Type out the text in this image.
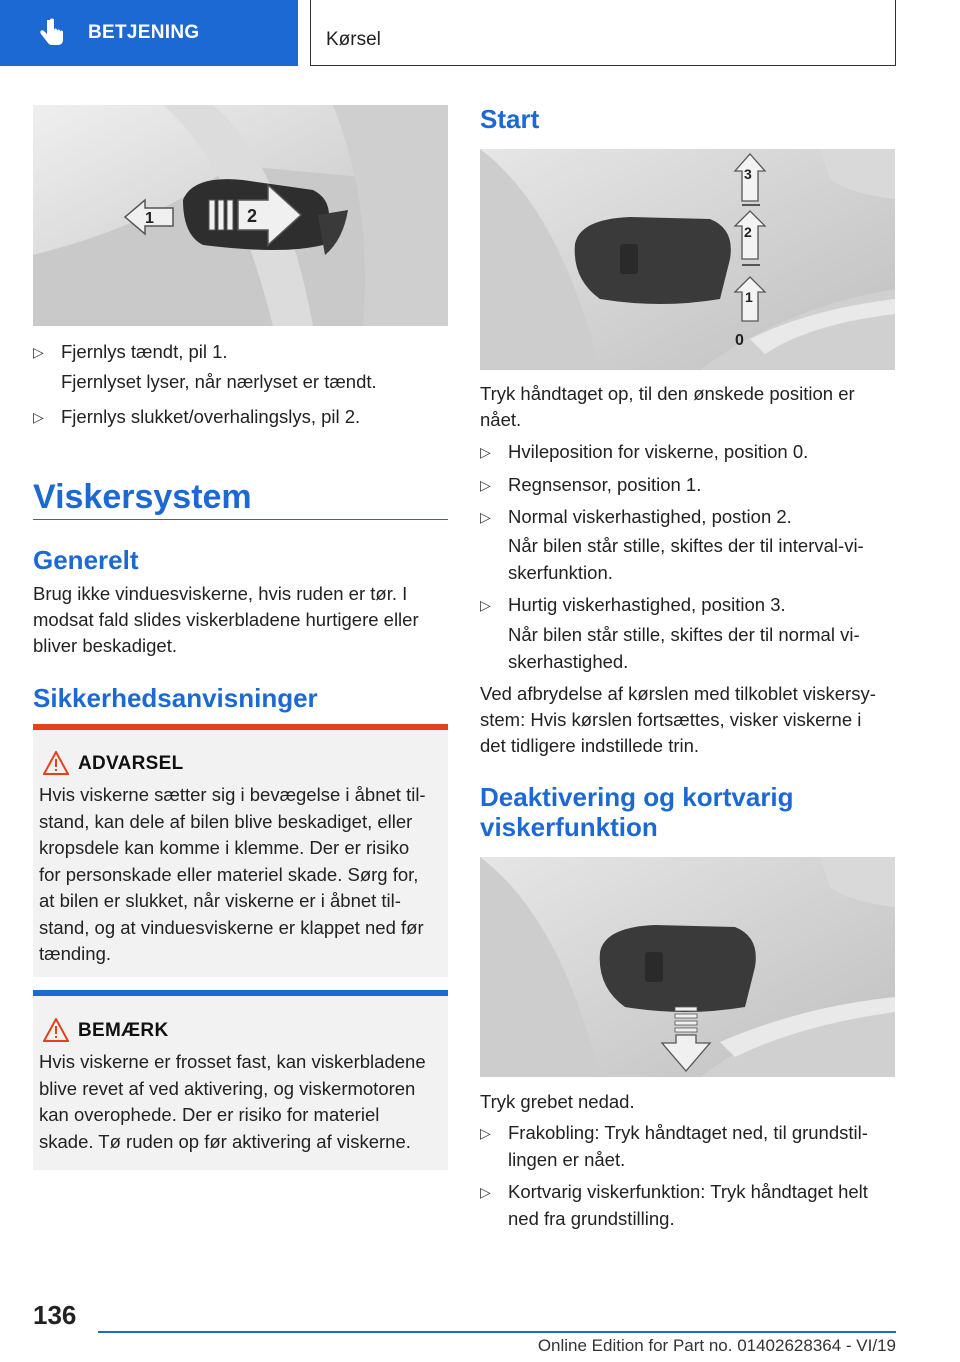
BETJENING	Kørsel
1	2
▷ Fjernlys tændt, pil 1.
Fjernlyset lyser, når nærlyset er tændt.
▷ Fjernlys slukket/overhalingslys, pil 2.
Viskersystem
Generelt

Brug ikke vinduesviskerne, hvis ruden er tør. I

modsat fald slides viskerbladene hurtigere eller

bliver beskadiget.

Sikkerhedsanvisninger
ADVARSEL
Hvis viskerne sætter sig i bevægelse i åbnet til-
stand, kan dele af bilen blive beskadiget, eller
kropsdele kan komme i klemme. Der er risiko
for personskade eller materiel skade. Sørg for,
at bilen er slukket, når viskerne er i åbnet til-
stand, og at vinduesviskerne er klappet ned før
tænding.
BEMÆRK
Hvis viskerne er frosset fast, kan viskerbladene
blive revet af ved aktivering, og viskermotoren
kan overophede. Der er risiko for materiel
skade. Tø ruden op før aktivering af viskerne.
Start
3
2
1
0

Tryk håndtaget op, til den ønskede position er

nået.

▷ Hvileposition for viskerne, position 0.
▷ Regnsensor, position 1.
▷ Normal viskerhastighed, postion 2.
Når bilen står stille, skiftes der til interval-vi-
skerfunktion.
▷ Hurtig viskerhastighed, position 3.
Når bilen står stille, skiftes der til normal vi-
skerhastighed.

Ved afbrydelse af kørslen med tilkoblet viskersy-

stem: Hvis kørslen fortsættes, visker viskerne i

det tidligere indstillede trin.

Deaktivering og kortvarig
viskerfunktion

Tryk grebet nedad.

▷ Frakobling: Tryk håndtaget ned, til grundstil-
lingen er nået.
▷ Kortvarig viskerfunktion: Tryk håndtaget helt
ned fra grundstilling.
136
Online Edition for Part no. 01402628364 - VI/19
